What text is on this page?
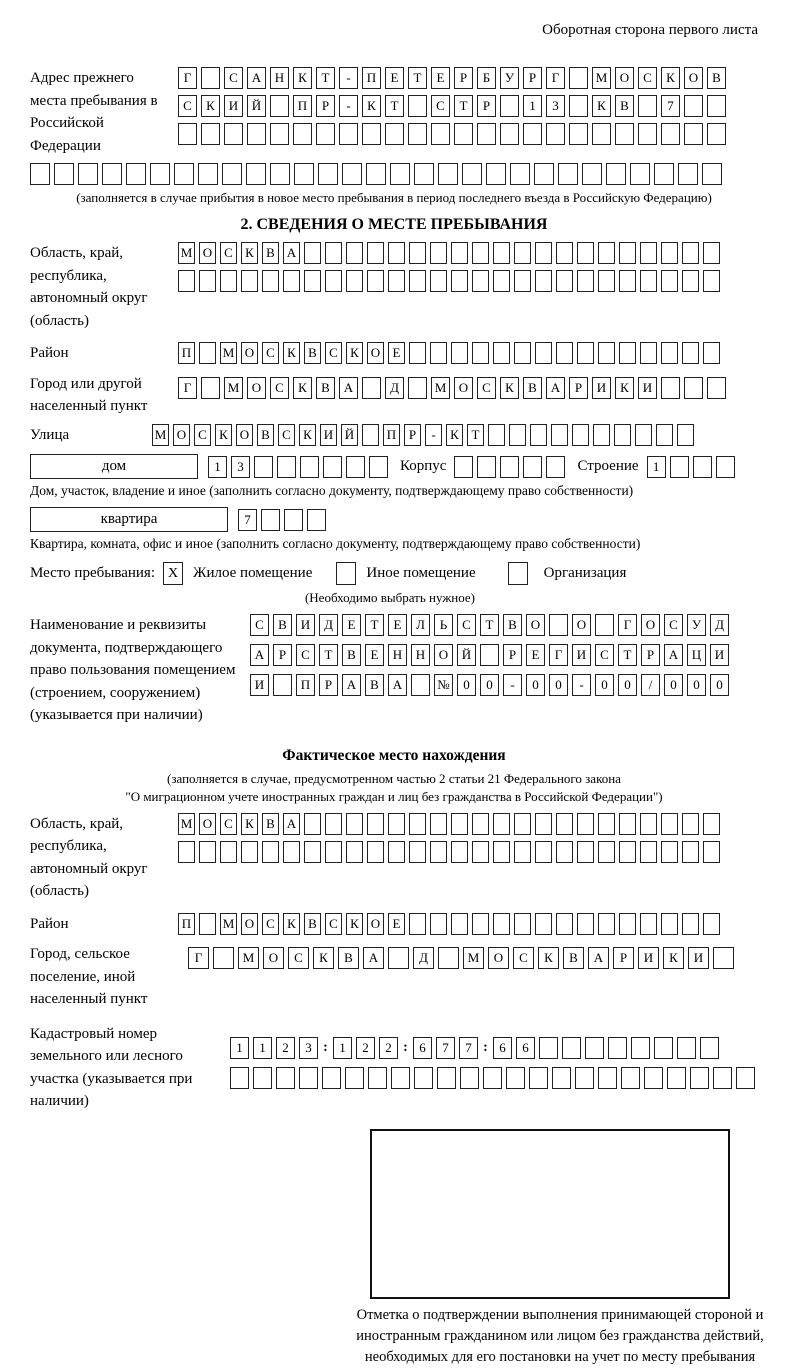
Оборотная сторона первого листа
Адрес прежнего места пребывания в Российской Федерации
Г	С	А	Н	К	Т	-	П	Е	Т	Е	Р	Б	У	Р	Г	М О	С	К	О	В
С	К	И	Й	П	Р	-	К	Т	С	Т	Р	1	3	К	В	7
(заполняется в случае прибытия в новое место пребывания в период последнего въезда в Российскую Федерацию)
2. СВЕДЕНИЯ О МЕСТЕ ПРЕБЫВАНИЯ
Область, край, республика, автономный округ (область)
М О С К В А
Район	П М О С К В С К О Е
Город или другой населенный пункт
Г	М О	С	К	В	А	Д	М О	С	К	В	А	Р	И	К	И
Улица	М О С К О В С К И Й	П Р	-	К Т
дом	1	3	Корпус	Строение	1
Дом, участок, владение и иное (заполнить согласно документу, подтверждающему право собственности)
квартира	7
Квартира, комната, офис и иное (заполнить согласно документу, подтверждающему право собственности)
Место пребывания: X Жилое помещение	Иное помещение	Организация
(Необходимо выбрать нужное)
Наименование и реквизиты документа, подтверждающего право пользования помещением (строением, сооружением) (указывается при наличии)
С	В	И	Д	Е	Т	Е	Л	Ь	С	Т	В	О	О	Г	О	С	У	Д
А	Р	С	Т	В	Е	Н	Н	О	Й	Р	Е	Г	И	С	Т	Р	А	Ц	И
И	П	Р	А	В	А	№	0	0	-	0	0	-	0	0	/	0	0	0
Фактическое место нахождения
(заполняется в случае, предусмотренном частью 2 статьи 21 Федерального закона
"О миграционном учете иностранных граждан и лиц без гражданства в Российской Федерации")
Область, край, республика, автономный округ (область)
М О С К В А
Район	П М О С К В С К О Е
Город, сельское поселение, иной населенный пункт
Г	М	О	С	К	В	А	Д	М	О	С	К	В	А	Р	И	К	И
Кадастровый номер земельного или лесного участка (указывается при наличии)
1	1	2	3 : 1	2	2 : 6	7	7 : 6	6
Отметка о подтверждении выполнения принимающей стороной и иностранным гражданином или лицом без гражданства действий, необходимых для его постановки на учет по месту пребывания
